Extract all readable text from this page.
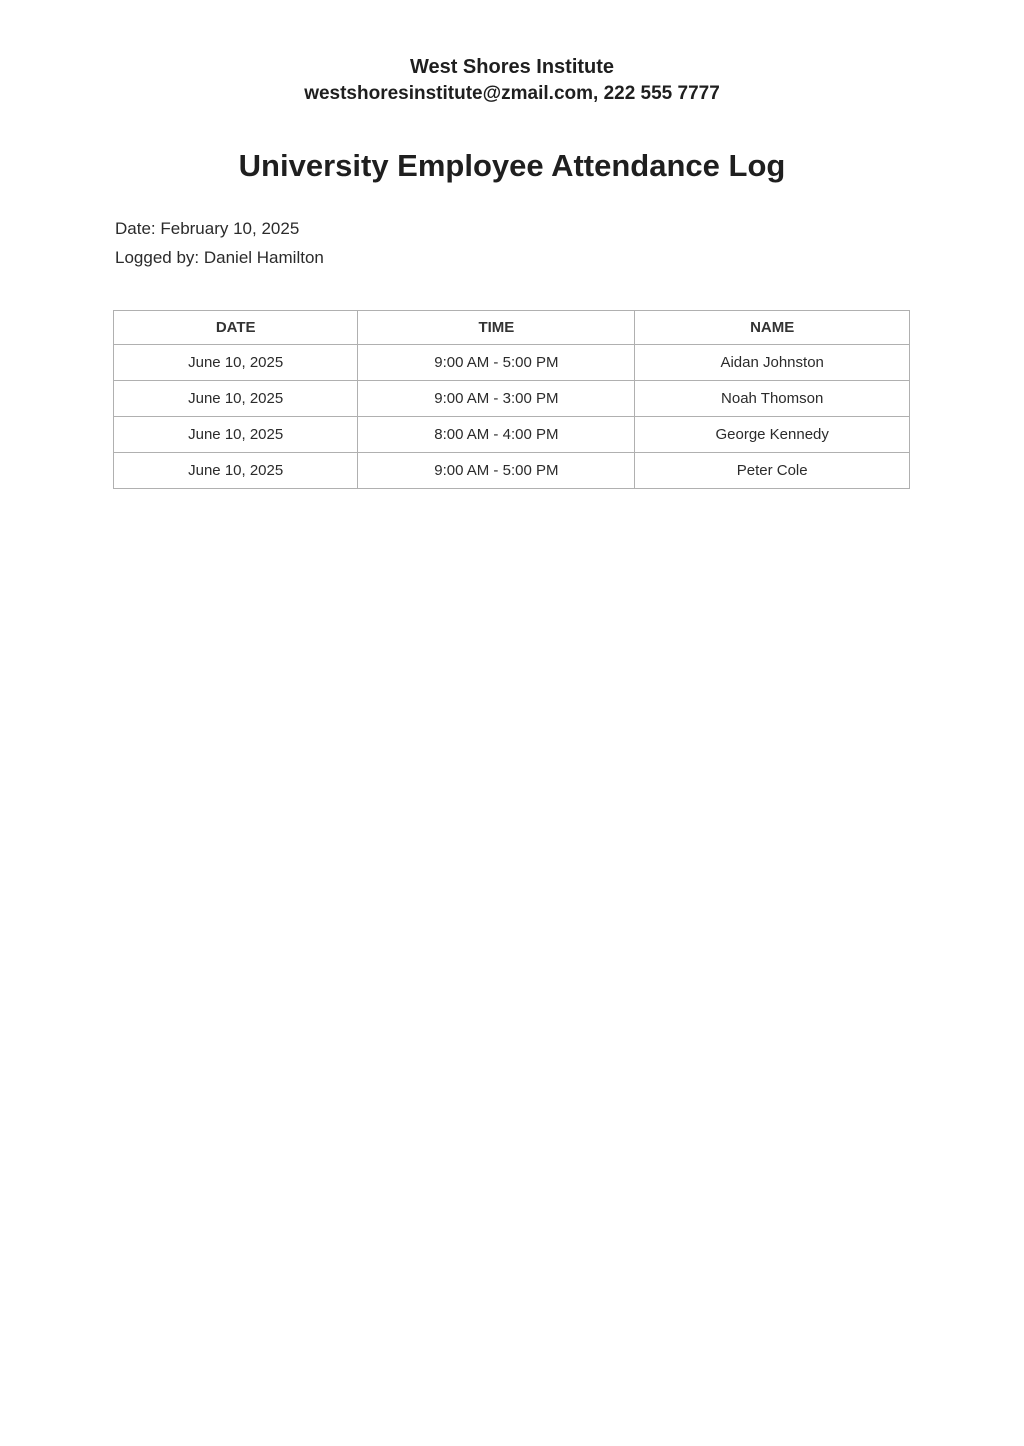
West Shores Institute
westshoresinstitute@zmail.com, 222 555 7777
University Employee Attendance Log
Date: February 10, 2025
Logged by: Daniel Hamilton
DATE	TIME	NAME
June 10, 2025	9:00 AM - 5:00 PM	Aidan Johnston
June 10, 2025	9:00 AM - 3:00 PM	Noah Thomson
June 10, 2025	8:00 AM - 4:00 PM	George Kennedy
June 10, 2025	9:00 AM - 5:00 PM	Peter Cole
